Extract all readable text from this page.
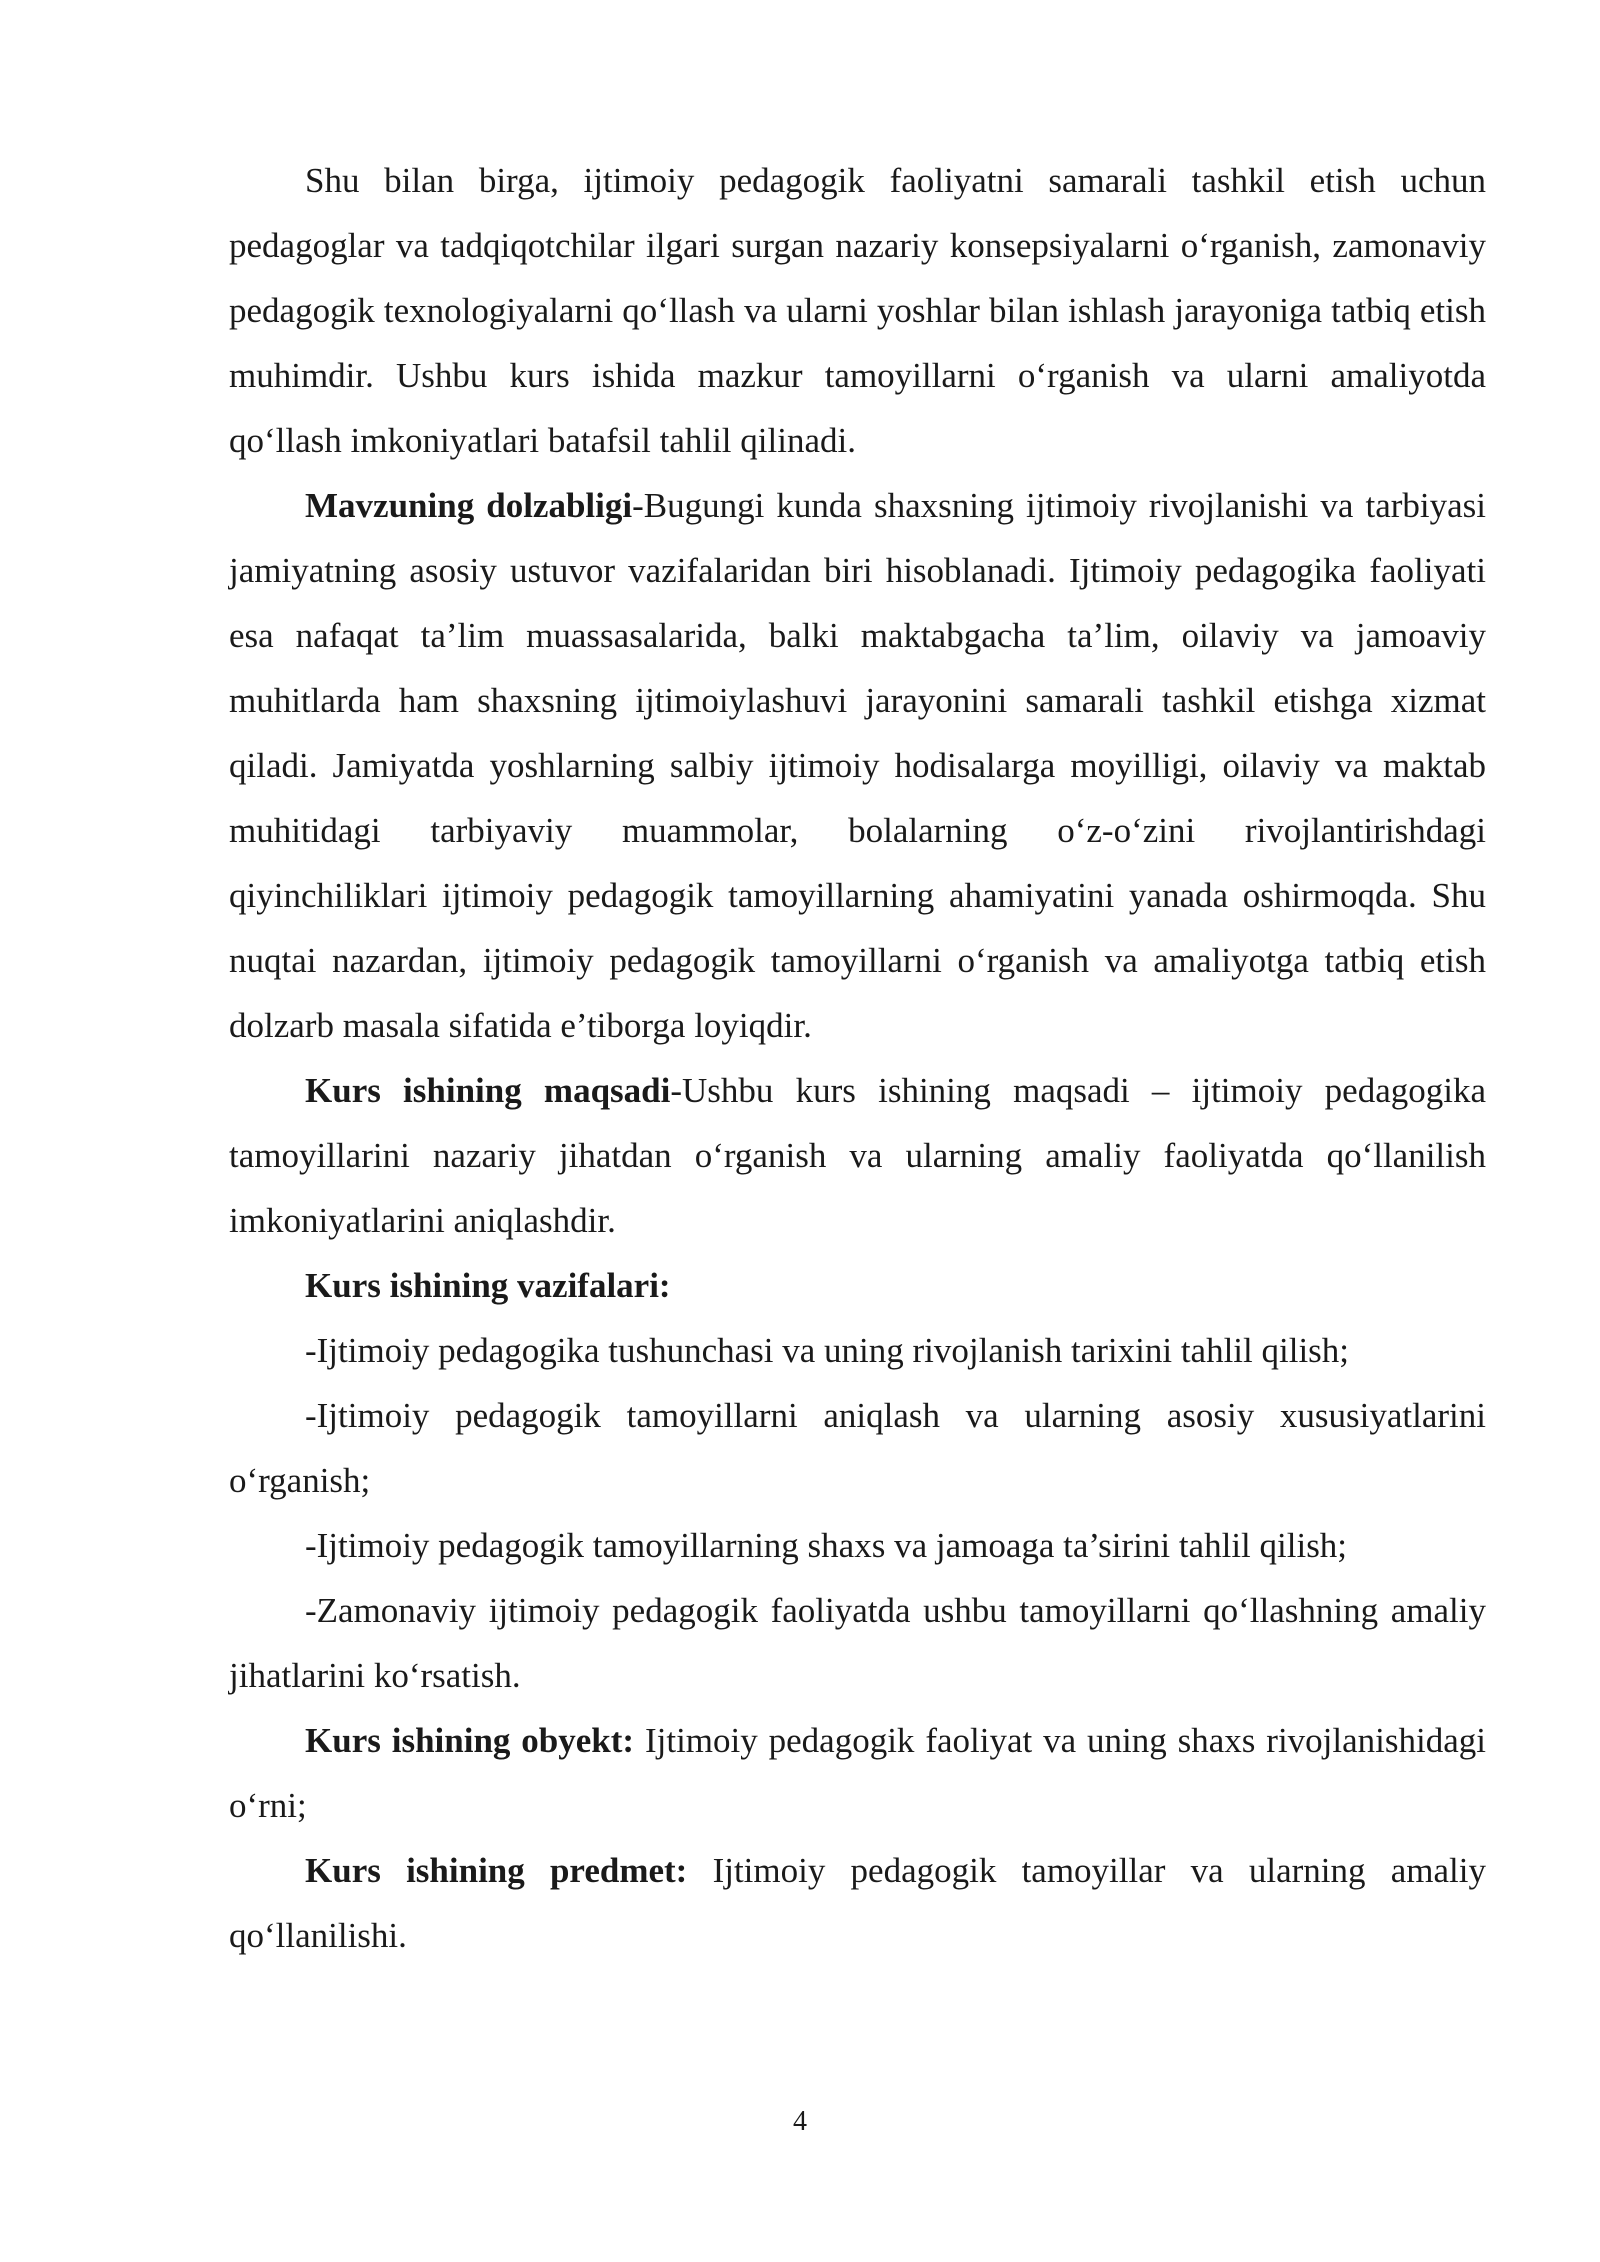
Shu bilan birga, ijtimoiy pedagogik faoliyatni samarali tashkil etish uchun pedagoglar va tadqiqotchilar ilgari surgan nazariy konsepsiyalarni o‘rganish, zamonaviy pedagogik texnologiyalarni qo‘llash va ularni yoshlar bilan ishlash jarayoniga tatbiq etish muhimdir. Ushbu kurs ishida mazkur tamoyillarni o‘rganish va ularni amaliyotda qo‘llash imkoniyatlari batafsil tahlil qilinadi.

Mavzuning dolzabligi-Bugungi kunda shaxsning ijtimoiy rivojlanishi va tarbiyasi jamiyatning asosiy ustuvor vazifalaridan biri hisoblanadi. Ijtimoiy pedagogika faoliyati esa nafaqat ta’lim muassasalarida, balki maktabgacha ta’lim, oilaviy va jamoaviy muhitlarda ham shaxsning ijtimoiylashuvi jarayonini samarali tashkil etishga xizmat qiladi. Jamiyatda yoshlarning salbiy ijtimoiy hodisalarga moyilligi, oilaviy va maktab muhitidagi tarbiyaviy muammolar, bolalarning o‘z-o‘zini rivojlantirishdagi qiyinchiliklari ijtimoiy pedagogik tamoyillarning ahamiyatini yanada oshirmoqda. Shu nuqtai nazardan, ijtimoiy pedagogik tamoyillarni o‘rganish va amaliyotga tatbiq etish dolzarb masala sifatida e’tiborga loyiqdir.

Kurs ishining maqsadi-Ushbu kurs ishining maqsadi – ijtimoiy pedagogika tamoyillarini nazariy jihatdan o‘rganish va ularning amaliy faoliyatda qo‘llanilish imkoniyatlarini aniqlashdir.

Kurs ishining vazifalari:

-Ijtimoiy pedagogika tushunchasi va uning rivojlanish tarixini tahlil qilish;

-Ijtimoiy pedagogik tamoyillarni aniqlash va ularning asosiy xususiyatlarini o‘rganish;

-Ijtimoiy pedagogik tamoyillarning shaxs va jamoaga ta’sirini tahlil qilish;

-Zamonaviy ijtimoiy pedagogik faoliyatda ushbu tamoyillarni qo‘llashning amaliy jihatlarini ko‘rsatish.

Kurs ishining obyekt: Ijtimoiy pedagogik faoliyat va uning shaxs rivojlanishidagi o‘rni;

Kurs ishining predmet: Ijtimoiy pedagogik tamoyillar va ularning amaliy qo‘llanilishi.

4
